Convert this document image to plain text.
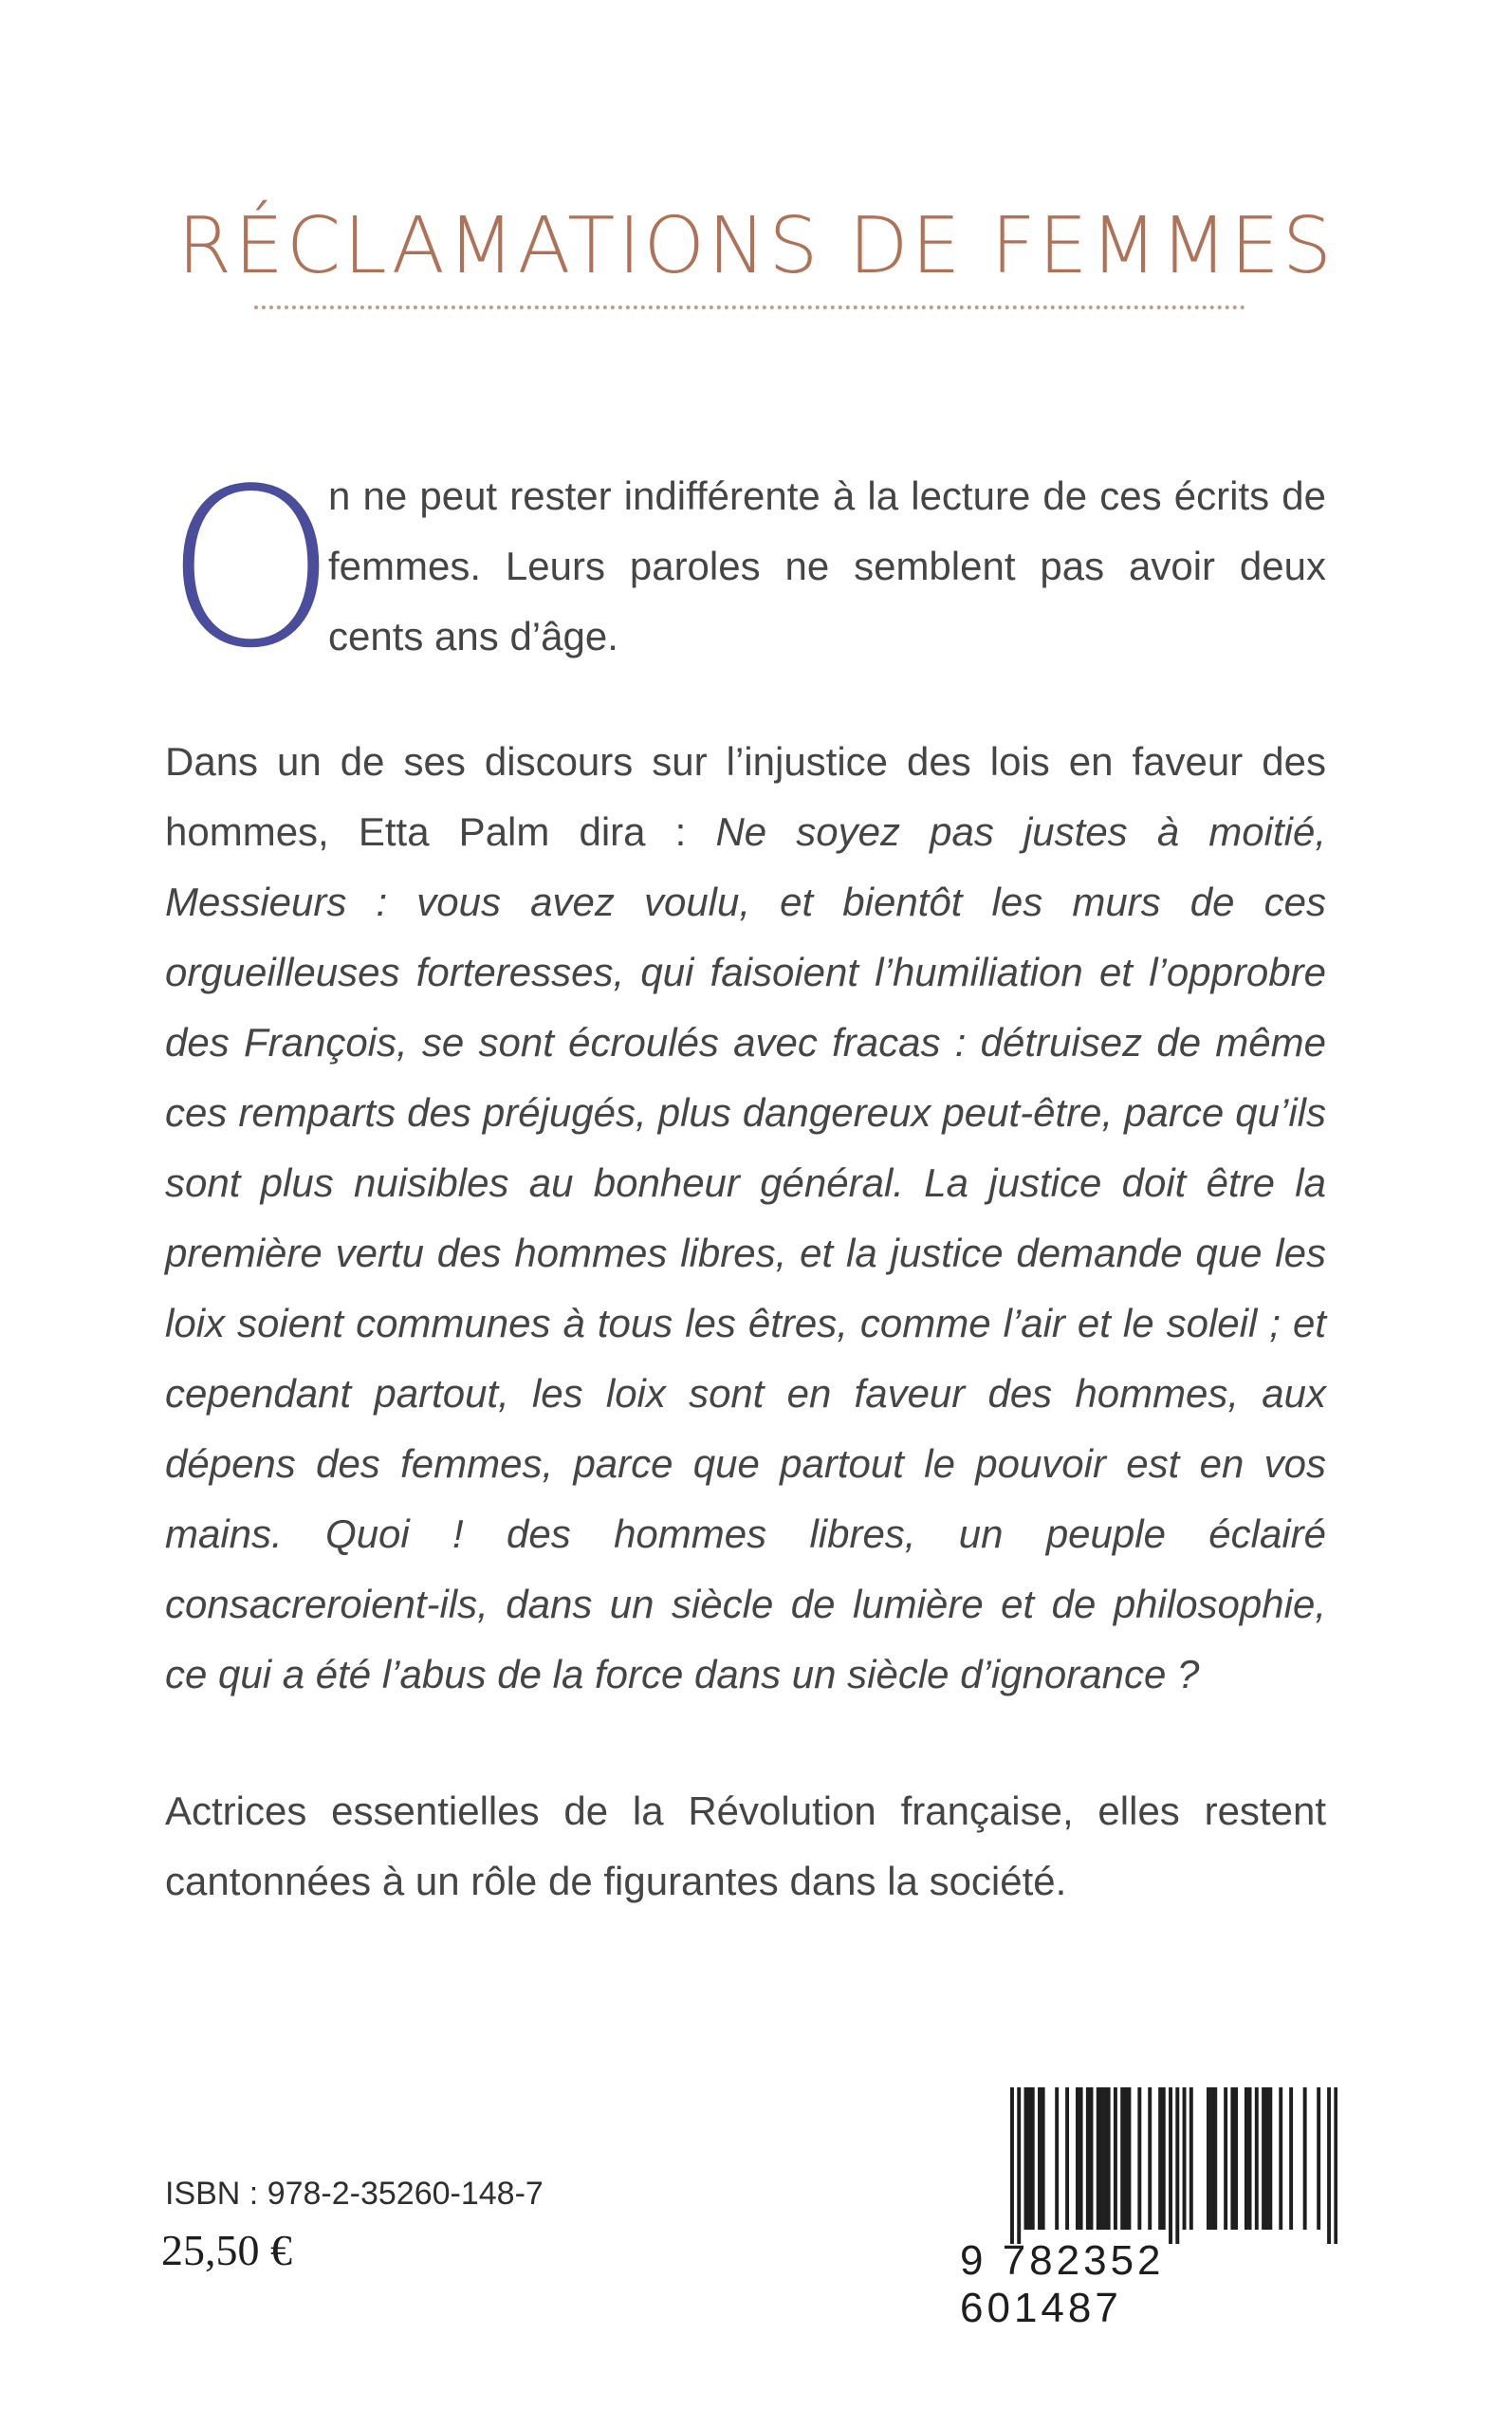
RÉCLAMATIONS DE FEMMES
O

n ne peut rester indifférente à la lecture de ces écrits de femmes. Leurs paroles ne semblent pas avoir deux cents ans d’âge.

Dans un de ses discours sur l’injustice des lois en faveur des hommes, Etta Palm dira : Ne soyez pas justes à moitié, Messieurs : vous avez voulu, et bientôt les murs de ces orgueilleuses forteresses, qui faisoient l’humiliation et l’opprobre des François, se sont écroulés avec fracas : détruisez de même ces remparts des préjugés, plus dangereux peut-être, parce qu’ils sont plus nuisibles au bonheur général. La justice doit être la première vertu des hommes libres, et la justice demande que les loix soient communes à tous les êtres, comme l’air et le soleil ; et cependant partout, les loix sont en faveur des hommes, aux dépens des femmes, parce que partout le pouvoir est en vos mains. Quoi ! des hommes libres, un peuple éclairé consacreroient-ils, dans un siècle de lumière et de philosophie, ce qui a été l’abus de la force dans un siècle d’ignorance ?

Actrices essentielles de la Révolution française, elles restent cantonnées à un rôle de figurantes dans la société.

ISBN : 978-2-35260-148-7
25,50 €	9 782352 601487
